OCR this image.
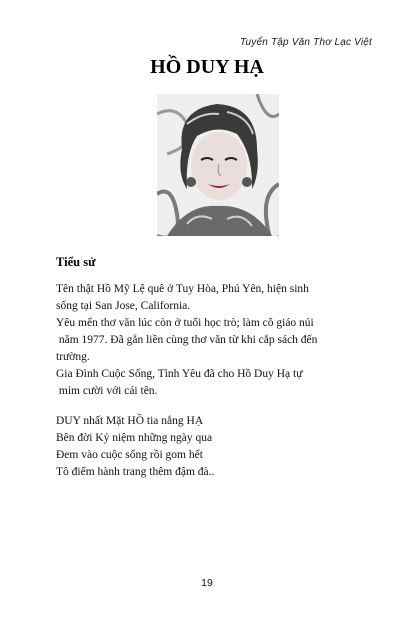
Tuyển Tập Văn Thơ Lạc Việt
HỒ DUY HẠ
Tiểu sử
Tên thật Hồ Mỹ Lệ quê ở Tuy Hòa, Phú Yên, hiện sinh
sống tại San Jose, California.
Yêu mến thơ văn lúc còn ở tuổi học trò; làm cô giáo núi
năm 1977. Đã gắn liền cùng thơ văn từ khi cắp sách đến
trường.
Gia Đình Cuộc Sống, Tình Yêu đã cho Hồ Duy Hạ tự
mỉm cười với cái tên.
DUY nhất Mặt HỒ tia nắng HẠ
Bên đời Kỷ niệm những ngày qua
Đem vào cuộc sống rồi gom hết
Tô điểm hành trang thêm đậm đà..
19
